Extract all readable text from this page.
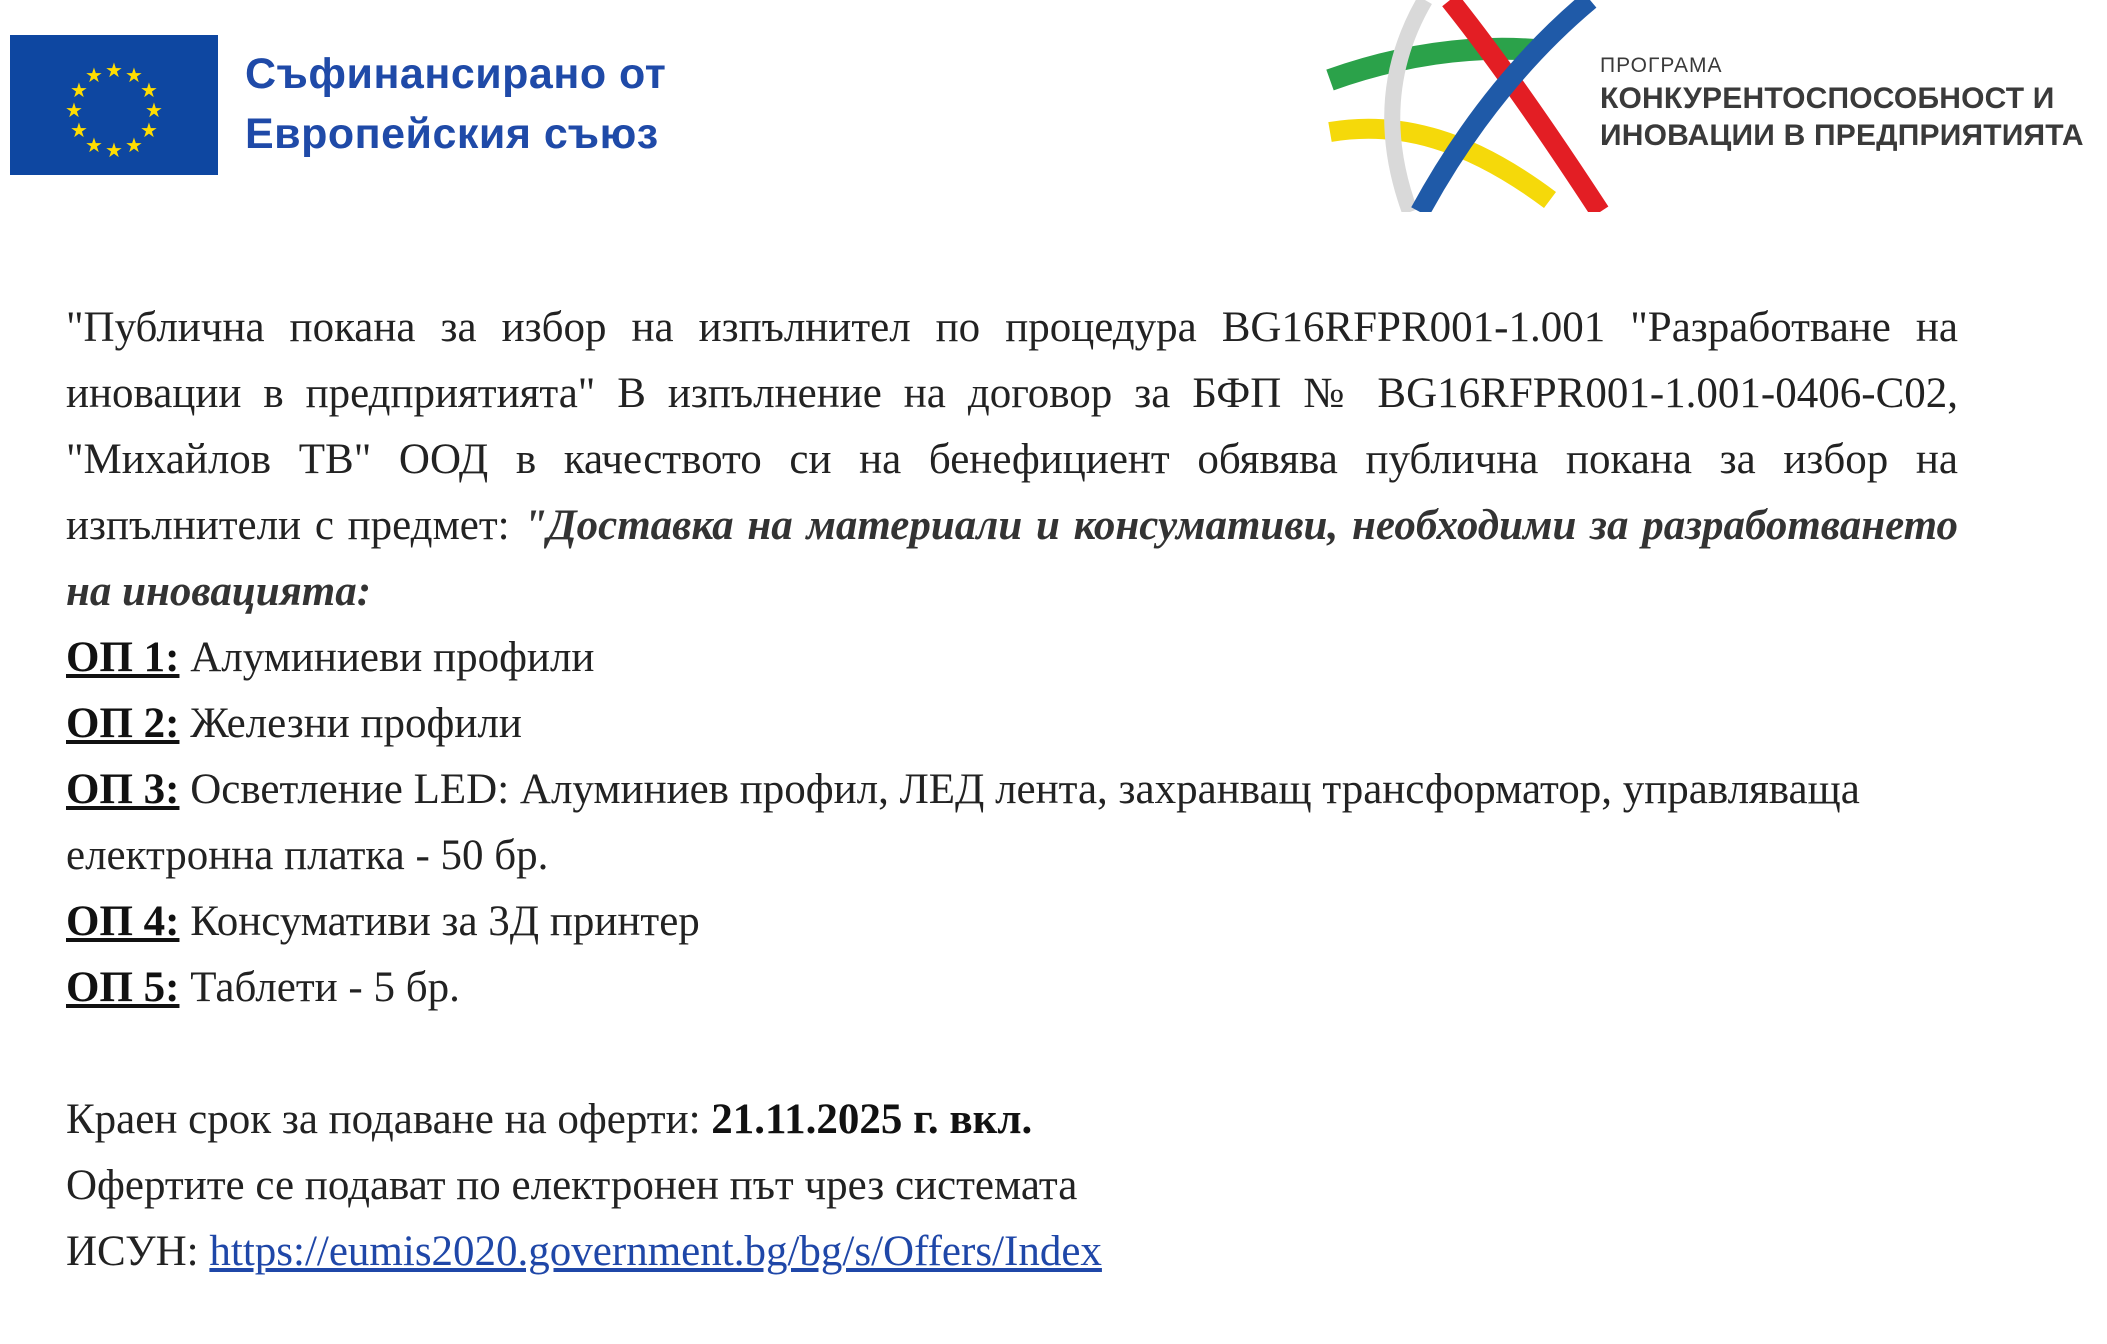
★ ★
★
★
★
★
★
★
★
★
★
★	Съфинансирано от
Европейския съюз
ПРОГРАМА
КОНКУРЕНТОСПОСОБНОСТ И
ИНОВАЦИИ В ПРЕДПРИЯТИЯТА

"Публична покана за избор на изпълнител по процедура BG16RFPR001-1.001 "Разработване на иновации в предприятията" В изпълнение на договор за БФП № BG16RFPR001-1.001-0406-C02, "Михайлов ТВ" ООД в качеството си на бенефициент обявява публична покана за избор на изпълнители с предмет: "Доставка на материали и консумативи, необходими за разработването на иновацията:

ОП 1: Алуминиеви профили

ОП 2: Железни профили

ОП 3: Осветление LED: Алуминиев профил, ЛЕД лента, захранващ трансформатор, управляваща електронна платка - 50 бр.

ОП 4: Консумативи за 3Д принтер

ОП 5: Таблети - 5 бр.

Краен срок за подаване на оферти: 21.11.2025 г. вкл.

Офертите се подават по електронен път чрез системата

ИСУН: https://eumis2020.government.bg/bg/s/Offers/Index
